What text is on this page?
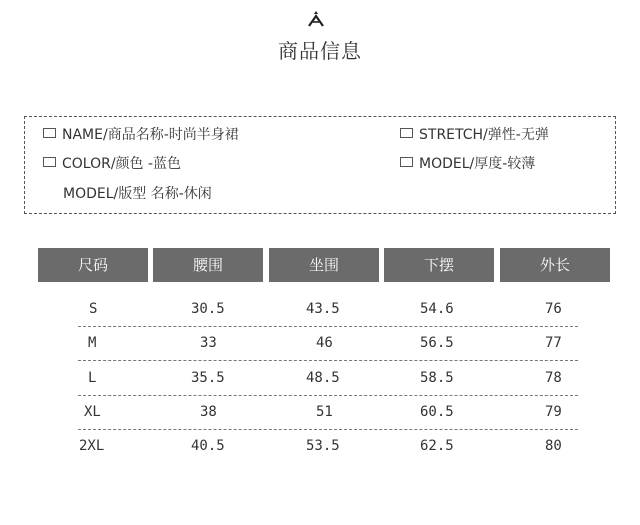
商品信息
NAME/商品名称-时尚半身裙	STRETCH/弹性-无弹
COLOR/颜色 -蓝色	MODEL/厚度-较薄
MODEL/版型 名称-休闲
尺码	腰围	坐围	下摆	外长
S	30.5	43.5	54.6	76
M	33	46	56.5	77
L	35.5	48.5	58.5	78
XL	38	51	60.5	79
2XL	40.5	53.5	62.5	80
